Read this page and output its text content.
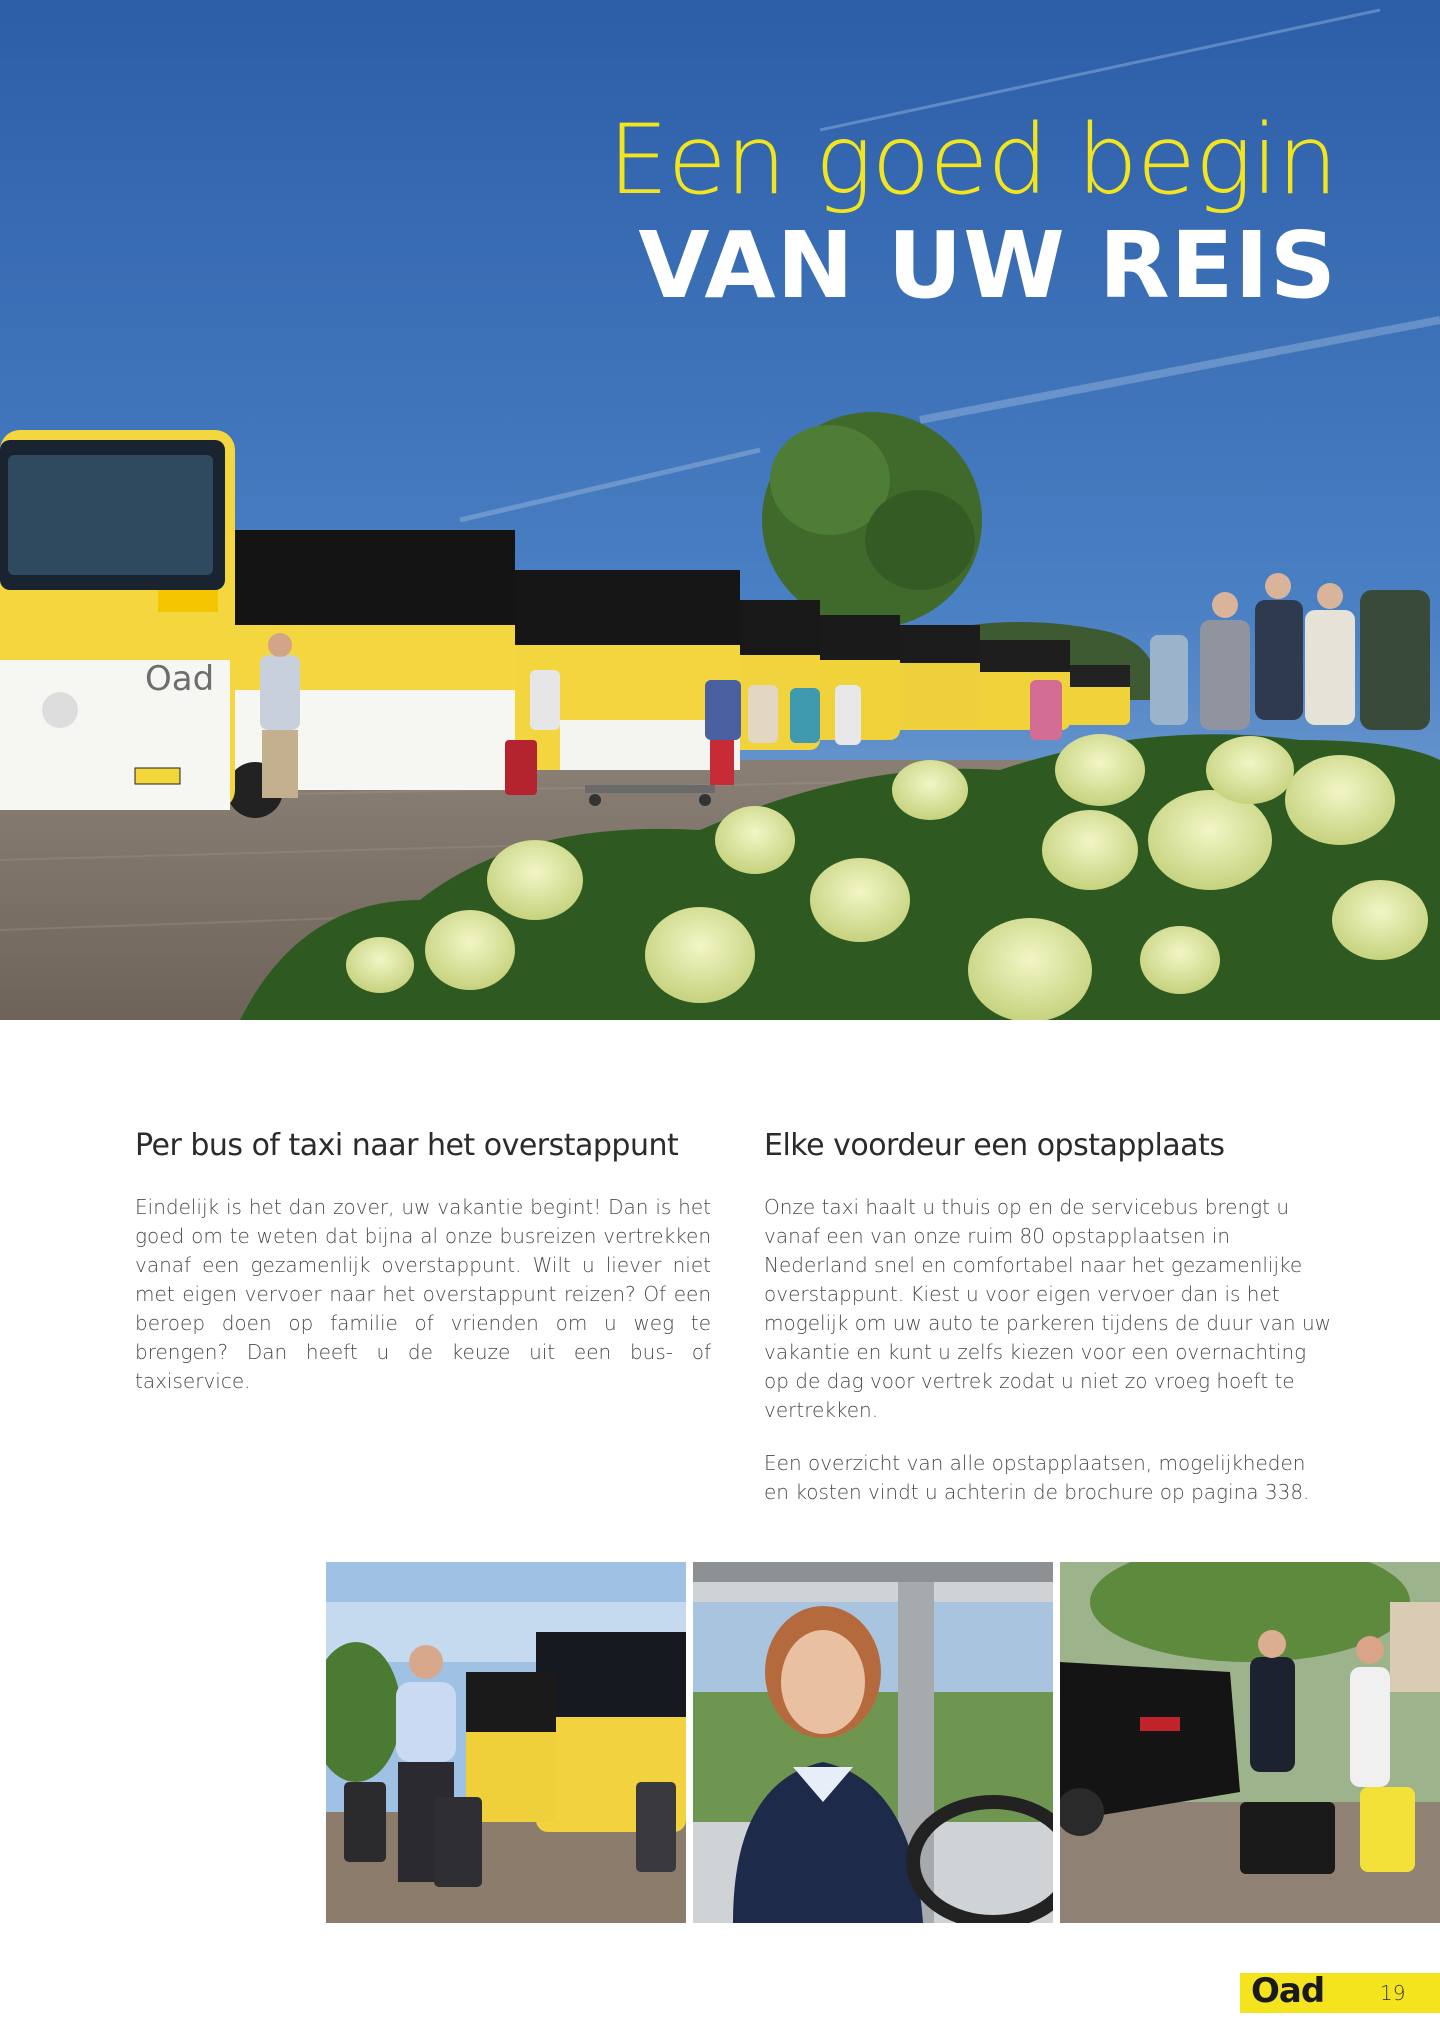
Oad
Een goed begin
VAN UW REIS
Per bus of taxi naar het overstappunt

Eindelijk is het dan zover, uw vakantie begint! Dan is het goed om te weten dat bijna al onze busreizen vertrekken vanaf een gezamenlijk overstappunt. Wilt u liever niet met eigen vervoer naar het overstappunt reizen? Of een beroep doen op familie of vrienden om u weg te brengen? Dan heeft u de keuze uit een bus- of taxiservice.

Elke voordeur een opstapplaats

Onze taxi haalt u thuis op en de servicebus brengt u vanaf een van onze ruim 80 opstapplaatsen in Nederland snel en comfortabel naar het gezamenlijke overstappunt. Kiest u voor eigen vervoer dan is het mogelijk om uw auto te parkeren tijdens de duur van uw vakantie en kunt u zelfs kiezen voor een overnachting op de dag voor vertrek zodat u niet zo vroeg hoeft te vertrekken.

Een overzicht van alle opstapplaatsen, mogelijkheden en kosten vindt u achterin de brochure op pagina 338.

Oad	19
